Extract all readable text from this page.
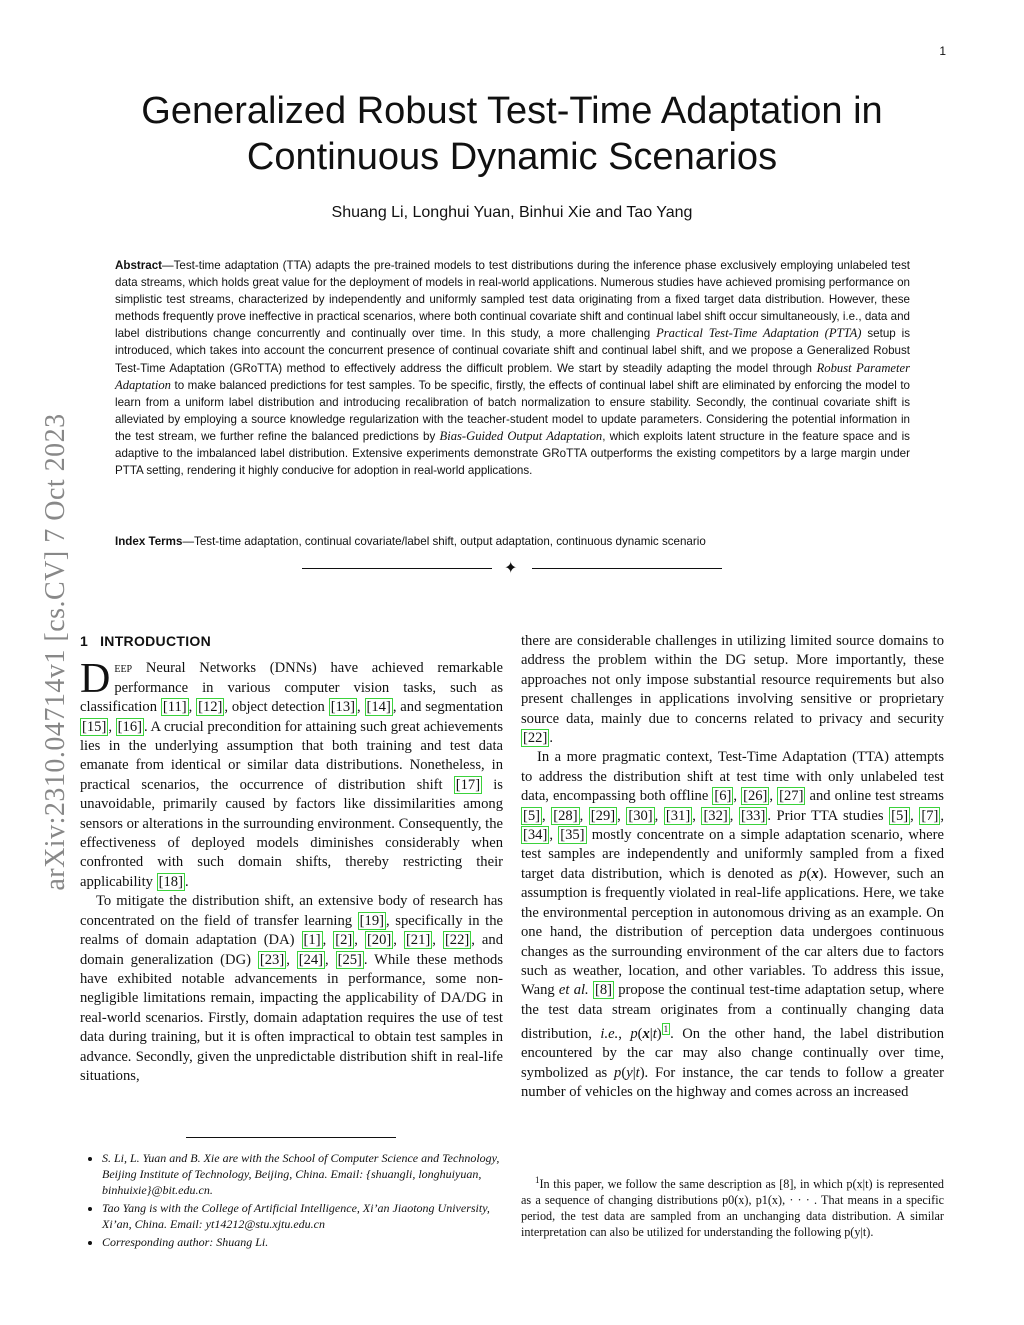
1
arXiv:2310.04714v1 [cs.CV] 7 Oct 2023
Generalized Robust Test-Time Adaptation in Continuous Dynamic Scenarios
Shuang Li, Longhui Yuan, Binhui Xie and Tao Yang
Abstract—Test-time adaptation (TTA) adapts the pre-trained models to test distributions during the inference phase exclusively employing unlabeled test data streams, which holds great value for the deployment of models in real-world applications. Numerous studies have achieved promising performance on simplistic test streams, characterized by independently and uniformly sampled test data originating from a fixed target data distribution. However, these methods frequently prove ineffective in practical scenarios, where both continual covariate shift and continual label shift occur simultaneously, i.e., data and label distributions change concurrently and continually over time. In this study, a more challenging Practical Test-Time Adaptation (PTTA) setup is introduced, which takes into account the concurrent presence of continual covariate shift and continual label shift, and we propose a Generalized Robust Test-Time Adaptation (GRoTTA) method to effectively address the difficult problem. We start by steadily adapting the model through Robust Parameter Adaptation to make balanced predictions for test samples. To be specific, firstly, the effects of continual label shift are eliminated by enforcing the model to learn from a uniform label distribution and introducing recalibration of batch normalization to ensure stability. Secondly, the continual covariate shift is alleviated by employing a source knowledge regularization with the teacher-student model to update parameters. Considering the potential information in the test stream, we further refine the balanced predictions by Bias-Guided Output Adaptation, which exploits latent structure in the feature space and is adaptive to the imbalanced label distribution. Extensive experiments demonstrate GRoTTA outperforms the existing competitors by a large margin under PTTA setting, rendering it highly conducive for adoption in real-world applications.
Index Terms—Test-time adaptation, continual covariate/label shift, output adaptation, continuous dynamic scenario
✦
1 INTRODUCTION

Deep Neural Networks (DNNs) have achieved remarkable performance in various computer vision tasks, such as classification [11] , [12] , object detection [13] , [14] , and segmentation [15] , [16] . A crucial precondition for attaining such great achievements lies in the underlying assumption that both training and test data emanate from identical or similar data distributions. Nonetheless, in practical scenarios, the occurrence of distribution shift [17] is unavoidable, primarily caused by factors like dissimilarities among sensors or alterations in the surrounding environment. Consequently, the effectiveness of deployed models diminishes considerably when confronted with such domain shifts, thereby restricting their applicability [18] .

To mitigate the distribution shift, an extensive body of research has concentrated on the field of transfer learning [19] , specifically in the realms of domain adaptation (DA) [1] , [2] , [20] , [21] , [22] , and domain generalization (DG) [23] , [24] , [25] . While these methods have exhibited notable advancements in performance, some non-negligible limitations remain, impacting the applicability of DA/DG in real-world scenarios. Firstly, domain adaptation requires the use of test data during training, but it is often impractical to obtain test samples in advance. Secondly, given the unpredictable distribution shift in real-life situations,

there are considerable challenges in utilizing limited source domains to address the problem within the DG setup. More importantly, these approaches not only impose substantial resource requirements but also present challenges in applications involving sensitive or proprietary source data, mainly due to concerns related to privacy and security [22] .

In a more pragmatic context, Test-Time Adaptation (TTA) attempts to address the distribution shift at test time with only unlabeled test data, encompassing both offline [6] , [26] , [27] and online test streams [5] , [28] , [29] , [30] , [31] , [32] , [33] . Prior TTA studies [5] , [7] , [34] , [35] mostly concentrate on a simple adaptation scenario, where test samples are independently and uniformly sampled from a fixed target data distribution, which is denoted as p(x). However, such an assumption is frequently violated in real-life applications. Here, we take the environmental perception in autonomous driving as an example. On one hand, the distribution of perception data undergoes continuous changes as the surrounding environment of the car alters due to factors such as weather, location, and other variables. To address this issue, Wang et al. [8] propose the continual test-time adaptation setup, where the test data stream originates from a continually changing data distribution, i.e., p(x|t) $^1$ . On the other hand, the label distribution encountered by the car may also change continually over time, symbolized as p(y|t). For instance, the car tends to follow a greater number of vehicles on the highway and comes across an increased

• S. Li, L. Yuan and B. Xie are with the School of Computer Science and Technology, Beijing Institute of Technology, Beijing, China. Email: {shuangli, longhuiyuan, binhuixie}@bit.edu.cn.
• Tao Yang is with the College of Artificial Intelligence, Xi’an Jiaotong University, Xi’an, China. Email: yt14212@stu.xjtu.edu.cn
• Corresponding author: Shuang Li.

$^1$In this paper, we follow the same description as [8], in which p(x|t) is represented as a sequence of changing distributions p0(x), p1(x), · · · . That means in a specific period, the test data are sampled from an unchanging data distribution. A similar interpretation can also be utilized for understanding the following p(y|t).
